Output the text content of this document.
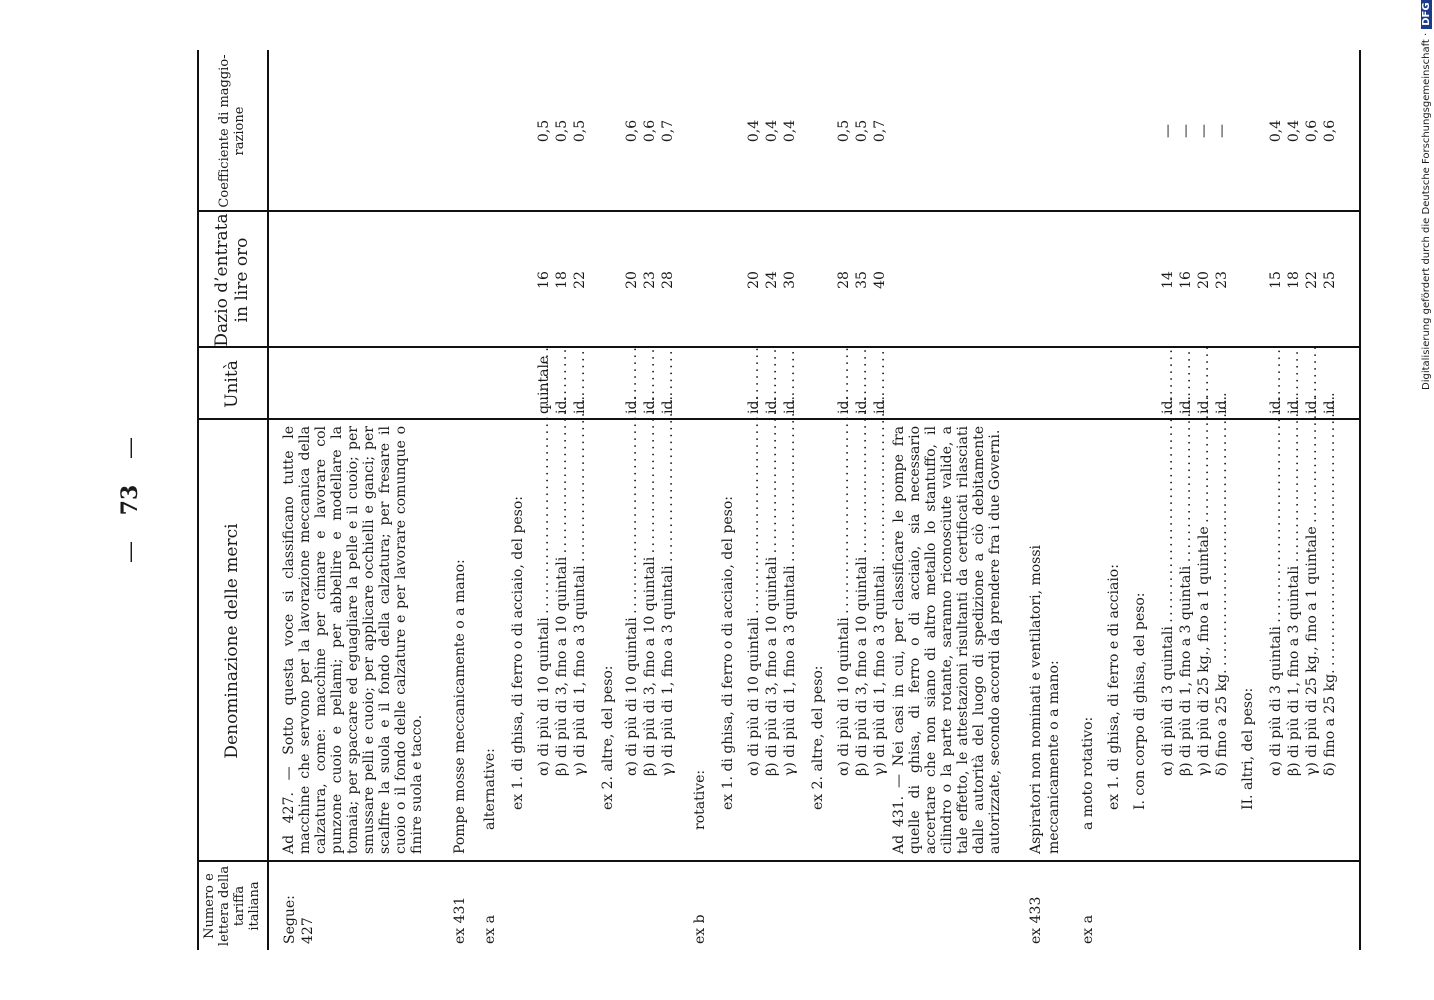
— 73 —
Numero e lettera della tariffa italiana
Denominazione delle merci
Unità
Dazio d’entrata in lire oro
Coefficiente di maggio- razione
Segue: 427
Ad 427. — Sotto questa voce si classificano tutte le macchine che servono per la lavorazione meccanica della calzatura, come: macchine per cimare e lavorare col punzone cuoio e pellami; per abbellire e modellare la tomaia; per spaccare ed eguagliare la pelle e il cuoio; per smussare pelli e cuoio; per applicare occhielli e ganci; per scalfire la suola e il fondo della calzatura; per fresare il cuoio o il fondo delle calzature e per lavorare comunque o finire suola e tacco.
ex 431
Pompe mosse meccanicamente o a mano:
ex a
alternative: ex 1. di ghisa, di ferro o di acciaio, del peso: α) di più di 10 quintali . . .
quintale
16
0,5
β) di più di 3, fino a 10 quintali . . .
id.
18
0,5
γ) di più di 1, fino a 3 quintali . . .
id.
22
0,5
ex 2. altre, del peso: α) di più di 10 quintali . . .
id.
20
0,6
β) di più di 3, fino a 10 quintali . . .
id.
23
0,6
γ) di più di 1, fino a 3 quintali . . .
id.
28
0,7
ex b
rotative: ex 1. di ghisa, di ferro o di acciaio, del peso: α) di più di 10 quintali . . .
id.
20
0,4
β) di più di 3, fino a 10 quintali . . .
id.
24
0,4
γ) di più di 1, fino a 3 quintali . . .
id.
30
0,4
ex 2. altre, del peso: α) di più di 10 quintali . . .
id.
28
0,5
β) di più di 3, fino a 10 quintali . . .
id.
35
0,5
γ) di più di 1, fino a 3 quintali . . .
id.
40
0,7
Ad 431. — Nei casi in cui, per classificare le pompe fra quelle di ghisa, di ferro o di acciaio, sia necessario accertare che non siano di altro metallo lo stantuffo, il cilindro o la parte rotante, saranno riconosciute valide, a tale effetto, le attestazioni risultanti da certificati rilasciati dalle autorità del luogo di spedizione a ciò debitamente autorizzate, secondo accordi da prendere fra i due Governi.
ex 433
Aspiratori non nominati e ventilatori, mossi meccanicamente o a mano:
ex a
a moto rotativo: ex 1. di ghisa, di ferro e di acciaio: I. con corpo di ghisa, del peso: α) di più di 3 quintali . . .
id.
14
—
β) di più di 1, fino a 3 quintali . . .
id.
16
—
γ) di più di 25 kg., fino a 1 quintale . . .
id.
20
—
δ) fino a 25 kg. . . .
id.
23
—
II. altri, del peso: α) di più di 3 quintali . . .
id.
15
0,4
β) di più di 1, fino a 3 quintali . . .
id.
18
0,4
γ) di più di 25 kg., fino a 1 quintale . . .
id.
22
0,6
δ) fino a 25 kg. . . .
id.
25
0,6	Digitalisierung gefördert durch die Deutsche Forschungsgemeinschaft ·
DFG
